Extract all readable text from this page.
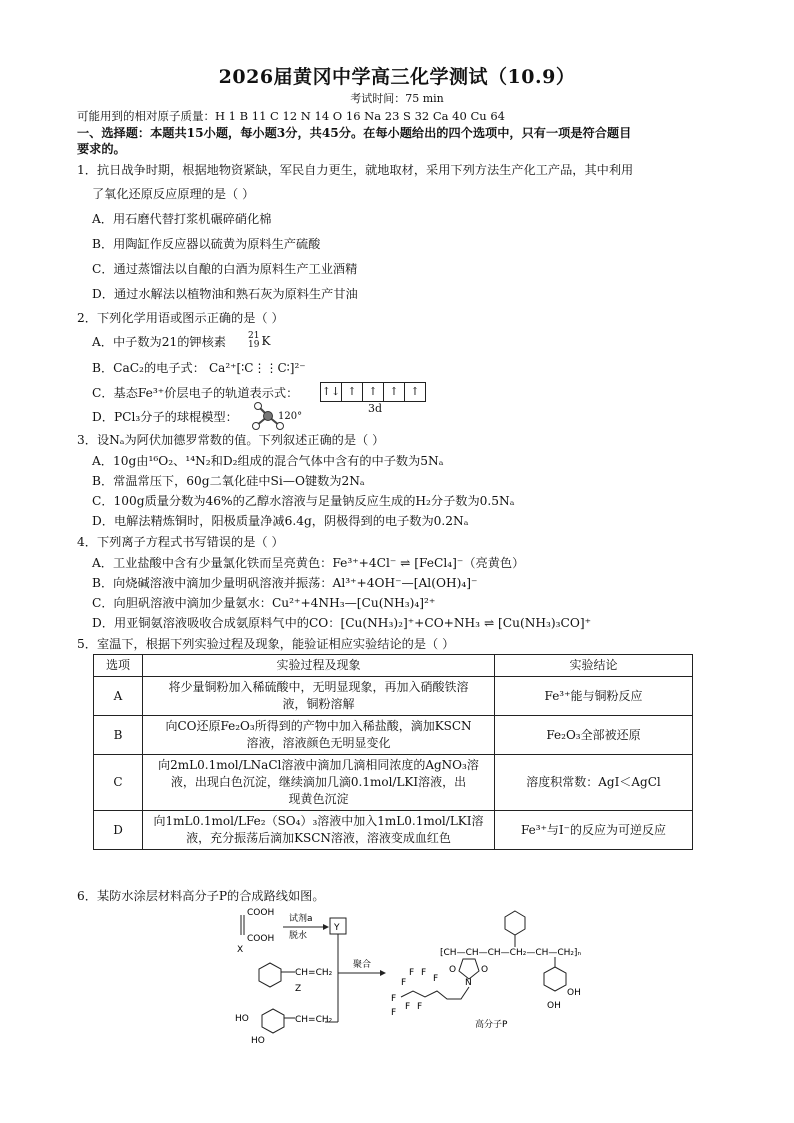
2026届黄冈中学高三化学测试（10.9）
考试时间：75 min
可能用到的相对原子质量：H 1 B 11 C 12 N 14 O 16 Na 23 S 32 Ca 40 Cu 64
一、选择题：本题共15小题，每小题3分，共45分。在每小题给出的四个选项中，只有一项是符合题目
要求的。
1．抗日战争时期，根据地物资紧缺，军民自力更生，就地取材，采用下列方法生产化工产品，其中利用
了氧化还原反应原理的是（ ）
A．用石磨代替打浆机碾碎硝化棉
B．用陶缸作反应器以硫黄为原料生产硫酸
C．通过蒸馏法以自酿的白酒为原料生产工业酒精
D．通过水解法以植物油和熟石灰为原料生产甘油
2．下列化学用语或图示正确的是（ ）
A．中子数为21的钾核素 21
19 K
B．CaC₂的电子式： Ca²⁺[∶C⋮⋮C∶]²⁻
C．基态Fe³⁺价层电子的轨道表示式： ↑↓ ↑ ↑ ↑ ↑
3d
D．PCl₃分子的球棍模型：	120°
3．设Nₐ为阿伏加德罗常数的值。下列叙述正确的是（ ）
A．10g由¹⁶O₂、¹⁴N₂和D₂组成的混合气体中含有的中子数为5Nₐ
B．常温常压下，60g二氧化硅中Si—O键数为2Nₐ
C．100g质量分数为46%的乙醇水溶液与足量钠反应生成的H₂分子数为0.5Nₐ
D．电解法精炼铜时，阳极质量净减6.4g，阴极得到的电子数为0.2Nₐ
4．下列离子方程式书写错误的是（ ）
A．工业盐酸中含有少量氯化铁而呈亮黄色：Fe³⁺+4Cl⁻ ⇌ [FeCl₄]⁻（亮黄色）
B．向烧碱溶液中滴加少量明矾溶液并振荡：Al³⁺+4OH⁻—[Al(OH)₄]⁻
C．向胆矾溶液中滴加少量氨水：Cu²⁺+4NH₃—[Cu(NH₃)₄]²⁺
D．用亚铜氨溶液吸收合成氨原料气中的CO：[Cu(NH₃)₂]⁺+CO+NH₃ ⇌ [Cu(NH₃)₃CO]⁺
5．室温下，根据下列实验过程及现象，能验证相应实验结论的是（ ）
选项	实验过程及现象	实验结论
A	将少量铜粉加入稀硫酸中，无明显现象，再加入硝酸铁溶
液，铜粉溶解	Fe³⁺能与铜粉反应
B	向CO还原Fe₂O₃所得到的产物中加入稀盐酸，滴加KSCN
溶液，溶液颜色无明显变化	Fe₂O₃全部被还原
C	向2mL0.1mol/LNaCl溶液中滴加几滴相同浓度的AgNO₃溶
液，出现白色沉淀，继续滴加几滴0.1mol/LKI溶液，出
现黄色沉淀	溶度积常数：AgI＜AgCl
D	向1mL0.1mol/LFe₂（SO₄）₃溶液中加入1mL0.1mol/LKI溶
液，充分振荡后滴加KSCN溶液，溶液变成血红色	Fe³⁺与I⁻的反应为可逆反应
6．某防水涂层材料高分子P的合成路线如图。
COOH
COOH
X
试剂a
脱水
Y
聚合
CH=CH₂
Z
CH=CH₂
HO
HO
⁅CH—CH—CH—CH₂—CH—CH₂⁆ₙ
O	O
N
F F
F
F
F
F
F
F
OH
OH
高分子P
